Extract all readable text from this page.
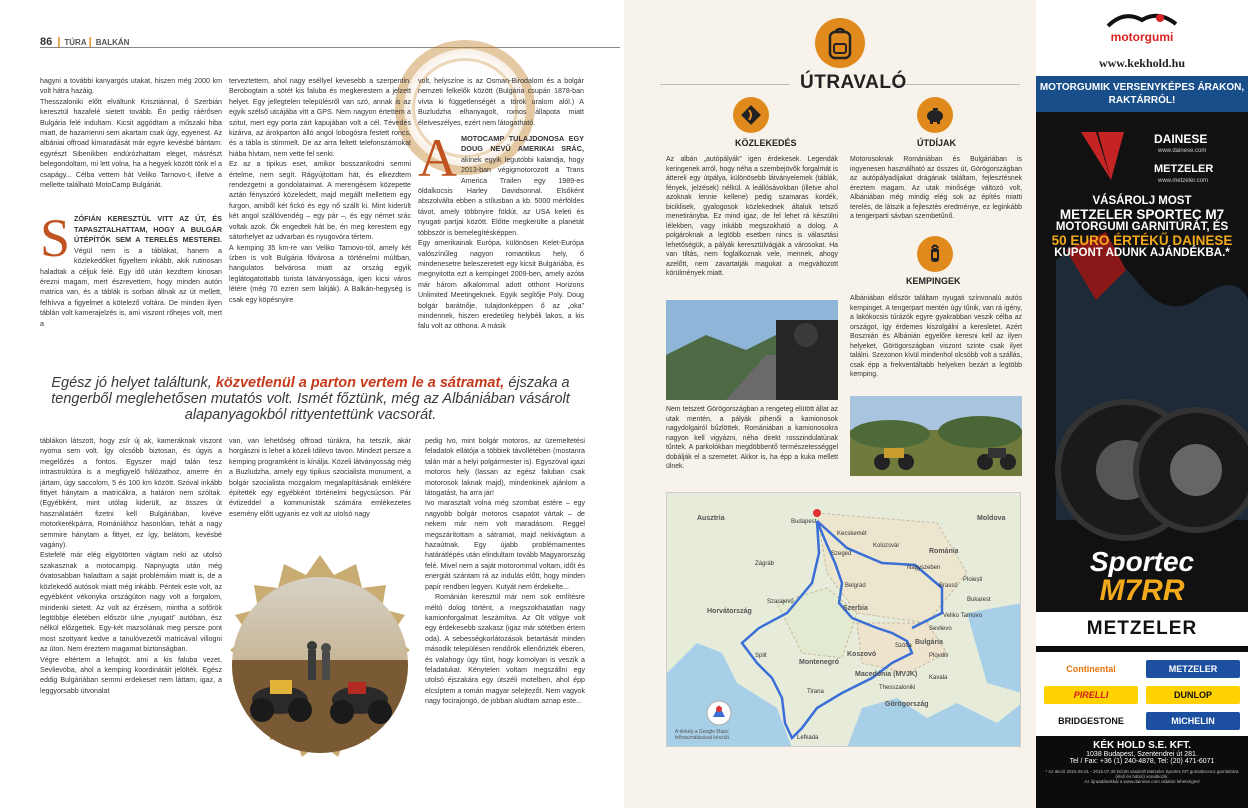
86 | TÚRA | BALKÁN

hagyni a további kanyargós utakat, hiszen még 2000 km volt hátra hazáig.

Thesszaloniki előtt elváltunk Krisztiánnal, ő Szerbián keresztül hazafelé sietett tovább. Én pedig ráérősen Bulgária felé indultam. Kicsit aggódtam a műszaki hiba miatt, de hazamenni sem akartam csak úgy, egyenest. Az albániai offroad kimaradását már egyre kevésbé bántam: egyrészt Sibenikben endúrózhattam eleget, másrészt belegondoltam, mi lett volna, ha a hegyek között törik el a csapágy... Célba vettem hát Veliko Tarnovo-t, illetve a mellette található MotoCamp Bulgáriát.

S ZÓFIÁN KERESZTÜL VITT AZ ÚT, ÉS TAPASZTALHATTAM, HOGY A BULGÁR ÚTÉPÍTŐK SEM A TERELÉS MESTEREI. Végül nem is a táblákat, hanem a közlekedőket figyeltem inkább, akik rutinosan haladtak a céljuk felé. Egy idő után kezdtem kinosan érezni magam, mert észrevettem, hogy minden autón matrica van, és a táblák is sorban állnak az út mellett, felhívva a figyelmet a kötelező voltára. De minden ilyen táblán volt kamerajelzés is, ami viszont rőhejes volt, mert a

terveztettem, ahol nagy eséllyel kevesebb a szerpentin. Berobogtam a sötét kis faluba és megkerestem a jelzett helyet. Egy jellegtelen településről van szó, annak is az egyik szélső utcájába vitt a GPS. Nem nagyon értettem a szitut, mert egy porta zárt kapujában volt a cél. Tévedés kizárva, az árokparton álló angol lobogósra festett roncs, és a tábla is stimmelt. De az arra feltett telefonszámokat hiába hívtam, nem vette fel senki.

Ez az a tipikus eset, amikor bosszankodni semmi értelme, nem segít. Rágyújtottam hát, és elkezdtem rendezgetni a gondolataimat. A merengésem közepette aztán fényszóró közeledett, majd megállt mellettem egy furgon, amiből két fickó és egy nő szállt ki. Mint kiderült két angol szállóvendég – egy pár –, és egy német srác voltak azok. Ők engedtek hát be, én meg kerestem egy sátorhelyet az udvarban és nyugovóra tértem.

A kemping 35 km-re van Veliko Tarnovo-tól, amely két ízben is volt Bulgária fővárosa a történelmi múltban, hangulatos belvárosa miatt az ország egyik leglátogatottabb turista látványossága, igen kicsi város létére (még 70 ezren sem lakják). A Balkán-hegység is csak egy köpésnyire

volt, helyszíne is az Osman-Birodalom és a bolgár nemzeti felkelők között (Bulgária csupán 1878-ban vívta ki függetlenségét a török uralom alól.) A Buzludzha elhanyagolt, romos állapota miatt életveszélyes, ezért nem látogatható.

A MOTOCAMP TULAJDONOSA EGY DOUG NEVŰ AMERIKAI SRÁC, akinek egyik legutóbbi kalandja, hogy 2013-ban végigmotorozott a Trans America Trailen egy 1989-es öldalkocsis Harley Davidsonnal. Elsőként abszolválta ebben a stílusban a kb. 5000 mérföldes távot, amely többnyire földút, az USA keleti és nyugati partjai között. Előtte megkerülte a planétát többször is bemelegítésképpen.

Egy amerikainak Európa, különösen Kelet-Európa valószínűleg nagyon romantikus hely, ő mindenesetre beleszeretett egy kicsit Bulgáriába, és megnyitotta ezt a kempinget 2009-ben, amely azóta már három alkalommal adott otthont Horizons Unlimited Meetingeknek. Egyik segítője Poly. Doug bolgár barátnője, tulajdonképpen ő az „oka” mindennek, hiszen eredetileg helybéli lakos, a kis falu volt az otthona. A másik

Egész jó helyet találtunk, közvetlenül a parton vertem le a sátramat, éjszaka a tengerből meglehetősen mutatós volt. Ismét főztünk, még az Albániában vásárolt alapanyagokból rittyentettünk vacsorát.

táblákon látszott, hogy zsír új ak, kameráknak viszont nyoma sem volt. Így olcsóbb biztosan, és úgyis a megelőzés a fontos. Egyszer majd talán tesz intrastruktúra is a megfigyelő hálózathoz, amerre én jártam, úgy saccolom, 5 és 100 km között. Szóval inkább fittyet hánytam a matricákra, a határon nem szóltak. (Egyébként, mint utólag kiderült, az összes út használatáért fizetni kell Bulgáriában, kivéve motorkerékpárra, Romániához hasonlóan, tehát a nagy semmire hánytam a fittyet, ez így, belátom, kevésbé vagány).

Estefelé már elég elgyötörten vágtam neki az utolsó szakasznak a motocampig. Napnyugta után még óvatosabban haladtam a saját problémáim miatt is, de a közlekedő autósok miatt még inkább. Péntek este volt, az egyébként vékonyka országúton nagy volt a forgalom, mindenki sietett. Az volt az érzésem, mintha a sofőrök legtöbbje életében először ülne „nyugati” autóban, ész nélkül előzgettek. Egy-két mazsolának meg persze pont most szottyant kedve a tanulóvezetői matricával villogni az úton. Nem éreztem magamat biztonságban.

Végre eltértem a lehajtót, ami a kis faluba vezet, Sevlievóba, ahol a kemping koordinátáit jelölték. Egész eddig Bulgáriában semmi erdekeset nem láttam, igaz, a leggyorsabb útvonalat

van, van lehetőség offroad túrákra, ha tetszik, akár horgászni is lehet a közeli Idilevo tavon. Mindezt persze a kemping programként is kínálja. Közeli látványosság még a Buzludzha, amely egy tipikus szocialista monument, a bolgár szocialista mozgalom megalapításának emlékére építették egy egyébként történelmi hegycsúcson. Pár évtizeddel a kommunisták számára emlékezetes esemény előtt ugyanis ez volt az utolsó nagy

pedig Ivo, mint bolgár motoros, az üzemeltetési feladatok ellátója a többiek távollétében (mostanra talán már a helyi polgármester is). Egyszóval igazi motoros hely (lassan az egész faluban csak motorosok laknak majd), mindenkinek ajánlom a látogatást, ha arra jár!

Ivo marasztalt volna még szombat estére – egy nagyobb bolgár motoros csapatot vártak – de nekem már nem volt maradásom. Reggel megszárítottam a sátramat, majd nekivágtam a hazaútnak. Egy újabb problémamentes határátlépés után elindultam tovább Magyarország felé. Mivel nem a saját motorommal voltam, időt és energiát szántam rá az indulás előtt, hogy minden papír rendben legyen. Kutyát nem érdekelte...

Románián keresztül már nem sok említésre méltó dolog történt, a megszokhatatlan nagy kamionforgalmat leszámítva. Az Olt völgye volt egy érdekesebb szakasz (igaz már sötétben értem oda). A sebességkorlátozások betartását minden második településen rendőrök ellenőrizték éberen, és valahogy úgy tűnt, hogy komolyan is veszik a feladatukat. Kénytelen voltam megszállni egy utolsó éjszakára egy útszéli motelben, ahol épp elcsíptem a román magyar selejtezőt. Nem vagyok nagy focirajongó, de jobban aludtam aznap este...

ÚTRAVALÓ
KÖZLEKEDÉS
Az albán „autópályák” igen érdekesek. Legendák keringenek arról, hogy néha a szembejövők forgalmát is áttereli egy útpálya, különösebb látványelemek (táblák, fények, jelzések) nélkül. A leállósávokban (illetve ahol azoknak lennie kellene) pedig szamaras kordék, biciklisek, gyalogosok közlekednek általuk tetsző menetirányba. Ez mind igaz, de fel lehet rá készülni lélekben, vagy inkább megszokható a dolog. A polgároknak a legtöbb esetben nincs is választási lehetőségük, a pályák keresztülvágják a városokat. Ha van tiltás, nem foglalkoznak vele, mennek, ahogy azelőtt, nem zavartatják magukat a megváltozott körülmények miatt.
Nem tetszett Görögországban a rengeteg elütött állat az utak mentén, a pályák pihenői a kamionosok nagydolgairól bűzlöttek. Romániában a kamionosokra nagyon kell vigyázni, néha direkt rosszindulatúnak tűntek. A parkolókban megdöbbentő természetességgel dobálják el a szemetet. Akkor is, ha épp a kuka mellett ülnek.
ÚTDÍJAK
Motorosoknak Romániában és Bulgáriában is ingyenesen használható az összes út, Görögországban az autópályadíjakat drágának találtam, fejlesztésnek éreztem magam. Az utak minősége változó volt, Albániában még mindig elég sok az építés miatti terelés, de látszik a fejlesztés eredménye, ez leginkább a tengerparti sávban szembetűnő.
KEMPINGEK
Albániában először találtam nyugati színvonalú autós kempinget. A tengerpart mentén úgy tűnik, van rá igény, a lakókocsis túrázók egyre gyakrabban veszik célba az országot, így érdemes kiszolgálni a keresletet. Azért Bosznián és Albánián egyelőre keresni kell az ilyen helyeket, Görögországban viszont szinte csak ilyet találni. Szezonon kívül mindenhol olcsóbb volt a szállás, csak épp a frekventáltabb helyeken bezárt a legtöbb kemping.
Ausztria
Horvátország	Szerbia
Bulgária
Moldova
Románia
Görögország
Koszovó
Macedónia (MVJK)
Montenegró
Budapest
Szeged
Kecskemét
Belgrád
Nagyszeben
Zágráb
Split
Szófia
Sevlievo
Veliko Tarnovo
Tirana
Thesszaloniki
Lefkada
Kolozsvár
Brassó
Bukarest
Ploiești
Plovdiv
Kavala
Szarajevó
A térkép a Google Maps felhasználásával készült.
motorgumi
www.kekhold.hu
MOTORGUMIK VERSENYKÉPES ÁRAKON, RAKTÁRRÓL!
DAINESE
www.dainese.com
METZELER
www.metzeler.com
VÁSÁROLJ MOST
METZELER SPORTEC M7
MOTORGUMI GARNITÚRÁT, ÉS
50 EURO ÉRTÉKŰ DAINESE
KUPONT ADUNK AJÁNDÉKBA.*
Sportec
M7RR
METZELER
Continental	METZELER
PIRELLI	DUNLOP
BRIDGESTONE	MICHELIN
KÉK HOLD S.E. KFT.
1038 Budapest, Szentendrei út 281.
Tel / Fax: +36 (1) 240-4878, Tel: (20) 471-6071
* Az akció 2015.06.01 - 2015.07.30 között vásárolt Metzeler Sportec M7 gumiabroncs garnitúrára (első és hátsó) vonatkozik.
Az újraadásokkal a www.dainese.com oldalon lehetséges!
